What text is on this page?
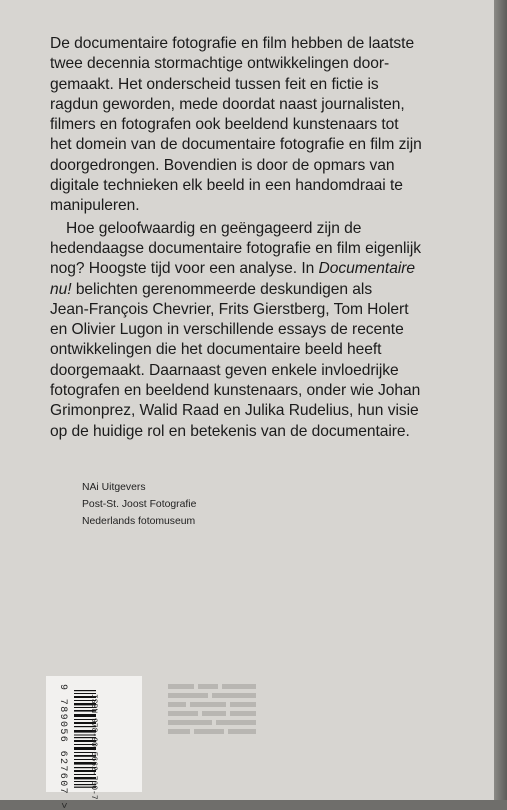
De documentaire fotografie en film hebben de laatste
twee decennia stormachtige ontwikkelingen door-
gemaakt. Het onderscheid tussen feit en fictie is
ragdun geworden, mede doordat naast journalisten,
filmers en fotografen ook beeldend kunstenaars tot
het domein van de documentaire fotografie en film zijn
doorgedrongen. Bovendien is door de opmars van
digitale technieken elk beeld in een handomdraai te
manipuleren.
Hoe geloofwaardig en geëngageerd zijn de
hedendaagse documentaire fotografie en film eigenlijk
nog? Hoogste tijd voor een analyse. In Documentaire
nu! belichten gerenommeerde deskundigen als
Jean-François Chevrier, Frits Gierstberg, Tom Holert
en Olivier Lugon in verschillende essays de recente
ontwikkelingen die het documentaire beeld heeft
doorgemaakt. Daarnaast geven enkele invloedrijke
fotografen en beeldend kunstenaars, onder wie Johan
Grimonprez, Walid Raad en Julika Rudelius, hun visie
op de huidige rol en betekenis van de documentaire.
NAi Uitgevers
Post-St. Joost Fotografie
Nederlands fotomuseum
9 789056 627607 >	ISBN 978-90-5662-760-7
